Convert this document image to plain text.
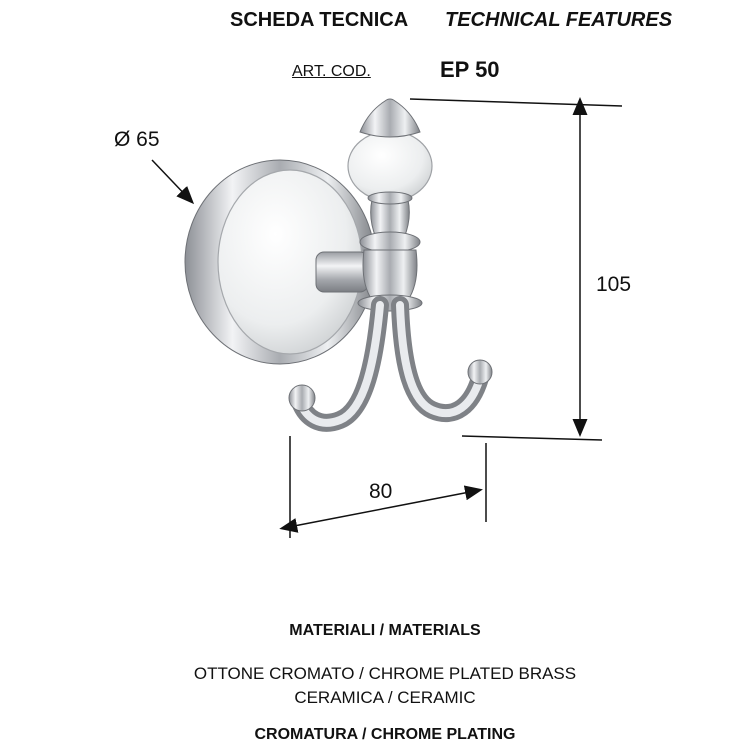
SCHEDA TECNICA TECHNICAL FEATURES
ART. COD.	EP 50
Ø 65
105
80
MATERIALI / MATERIALS
OTTONE CROMATO / CHROME PLATED BRASS
CERAMICA / CERAMIC
CROMATURA / CHROME PLATING
